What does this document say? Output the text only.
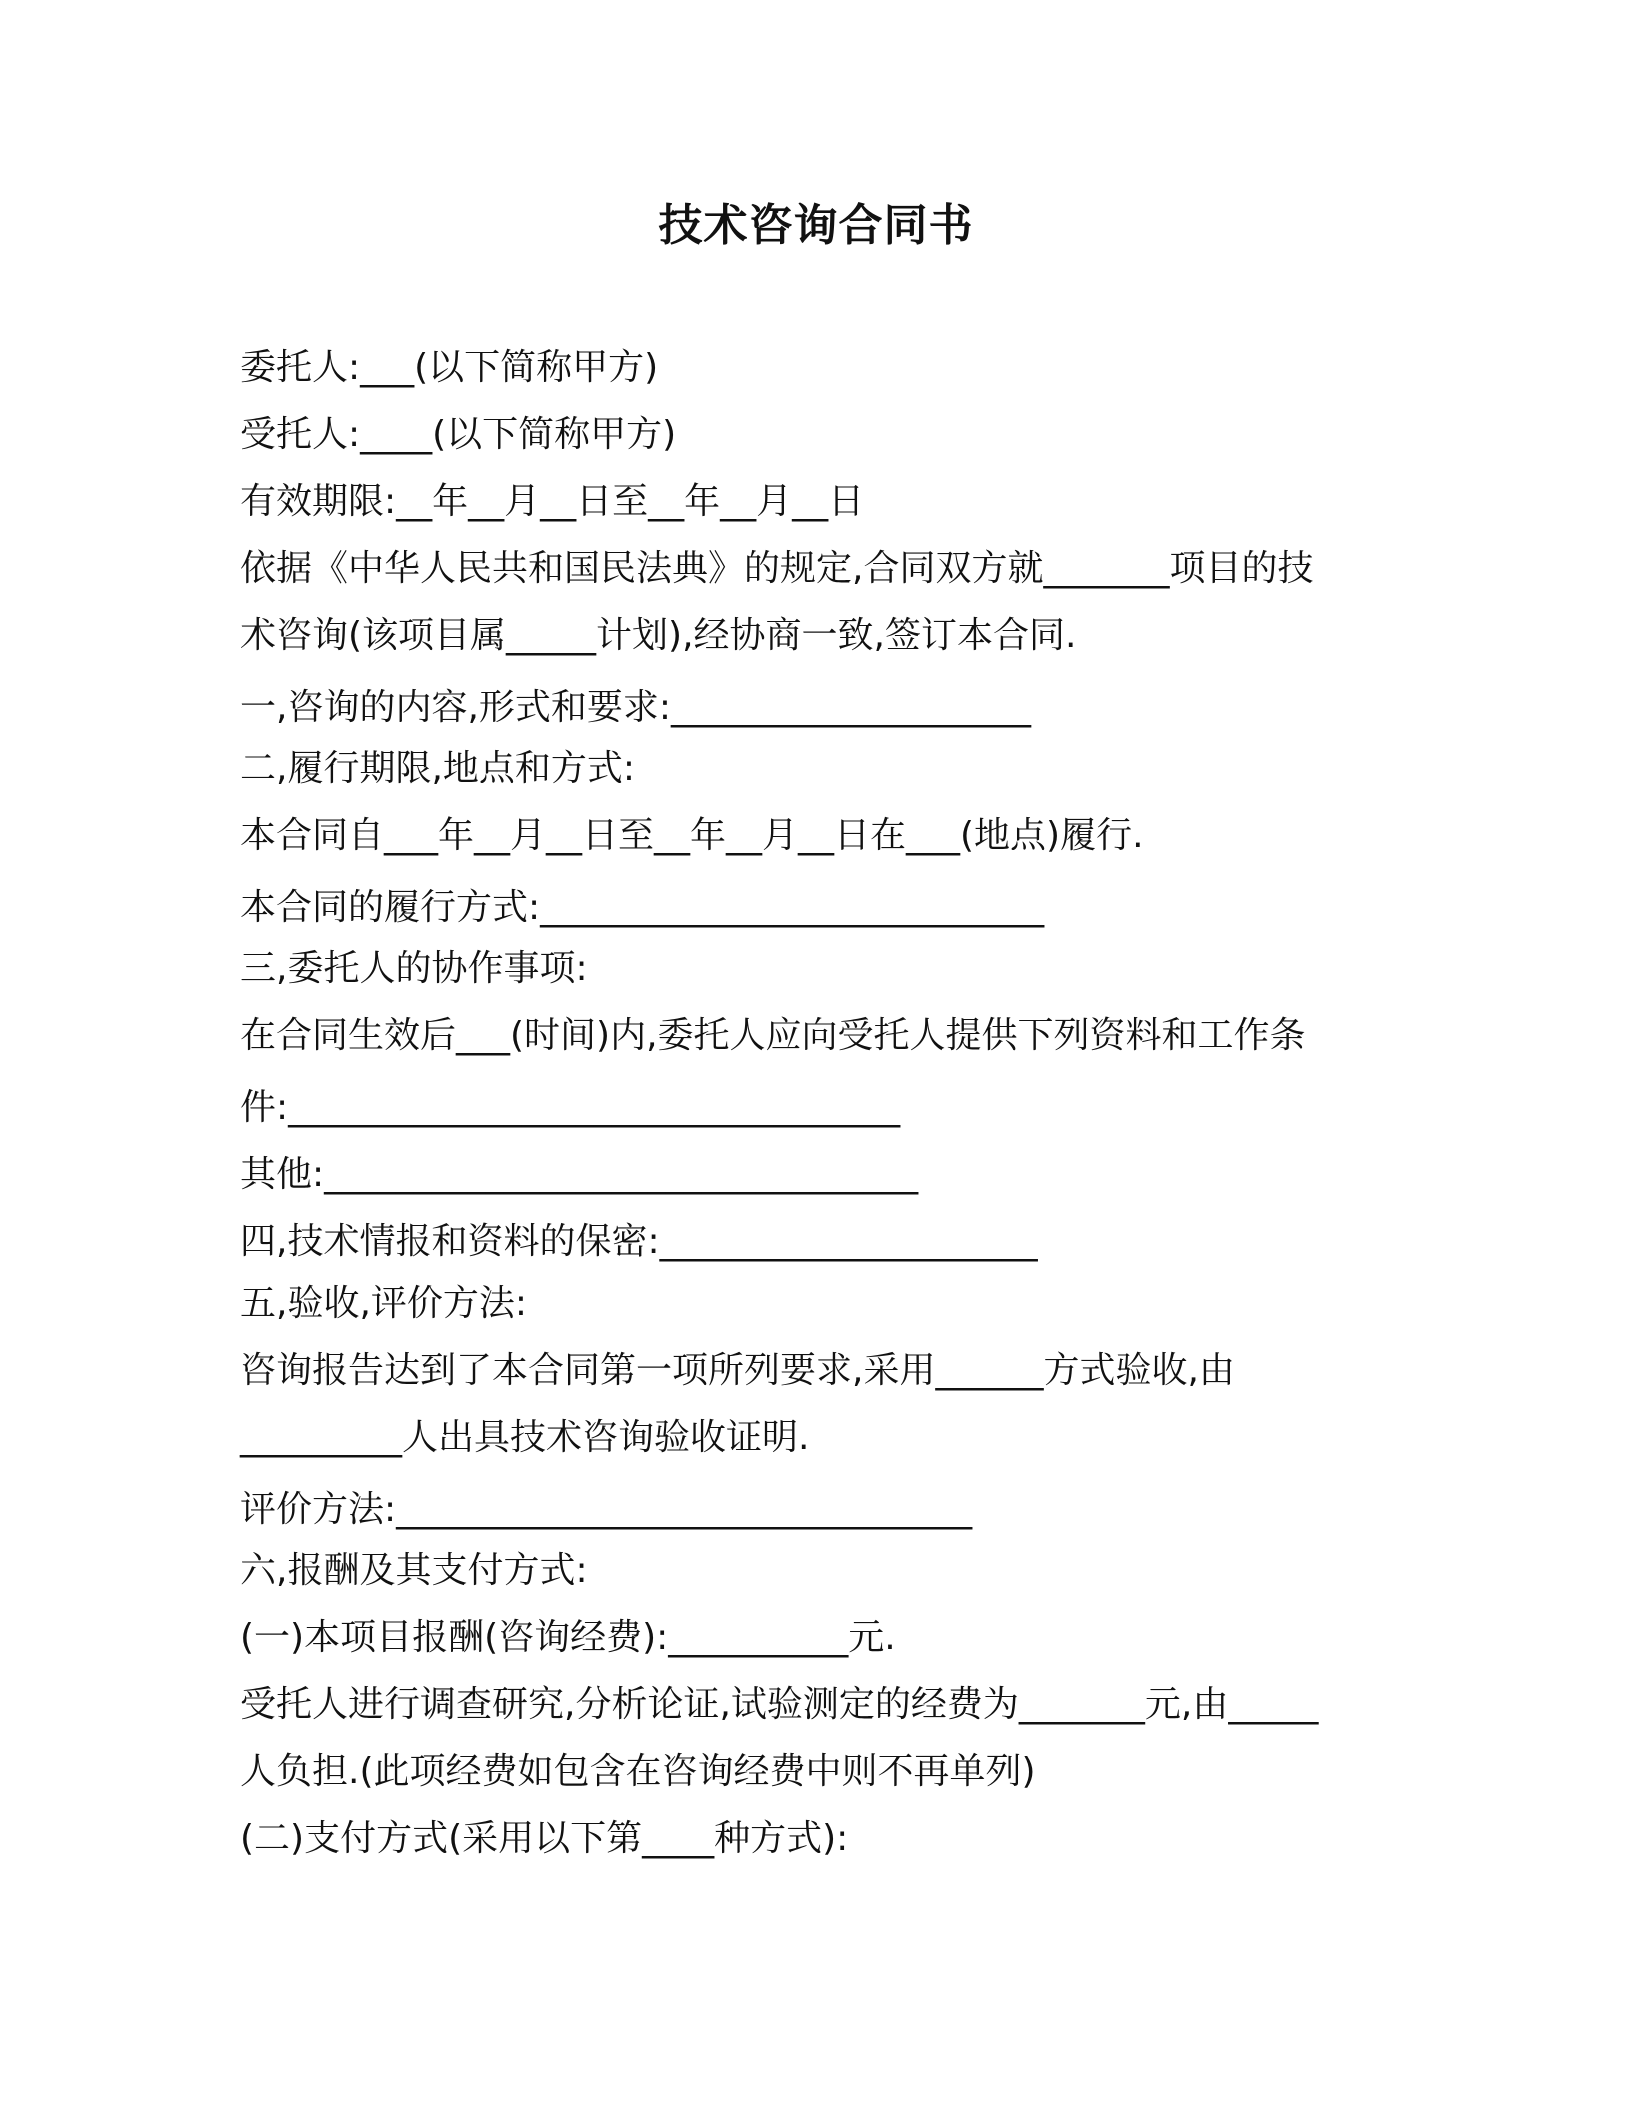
技术咨询合同书

委托人:___(以下简称甲方)

受托人:____(以下简称甲方)

有效期限:__年__月__日至__年__月__日

依据《中华人民共和国民法典》的规定,合同双方就_______项目的技

术咨询(该项目属_____计划),经协商一致,签订本合同.

一,咨询的内容,形式和要求:____________________

二,履行期限,地点和方式:

本合同自___年__月__日至__年__月__日在___(地点)履行.

本合同的履行方式:____________________________

三,委托人的协作事项:

在合同生效后___(时间)内,委托人应向受托人提供下列资料和工作条

件:__________________________________

其他:_________________________________

四,技术情报和资料的保密:_____________________

五,验收,评价方法:

咨询报告达到了本合同第一项所列要求,采用______方式验收,由

_________人出具技术咨询验收证明.

评价方法:________________________________

六,报酬及其支付方式:

(一)本项目报酬(咨询经费):__________元.

受托人进行调查研究,分析论证,试验测定的经费为_______元,由_____

人负担.(此项经费如包含在咨询经费中则不再单列)

(二)支付方式(采用以下第____种方式):
